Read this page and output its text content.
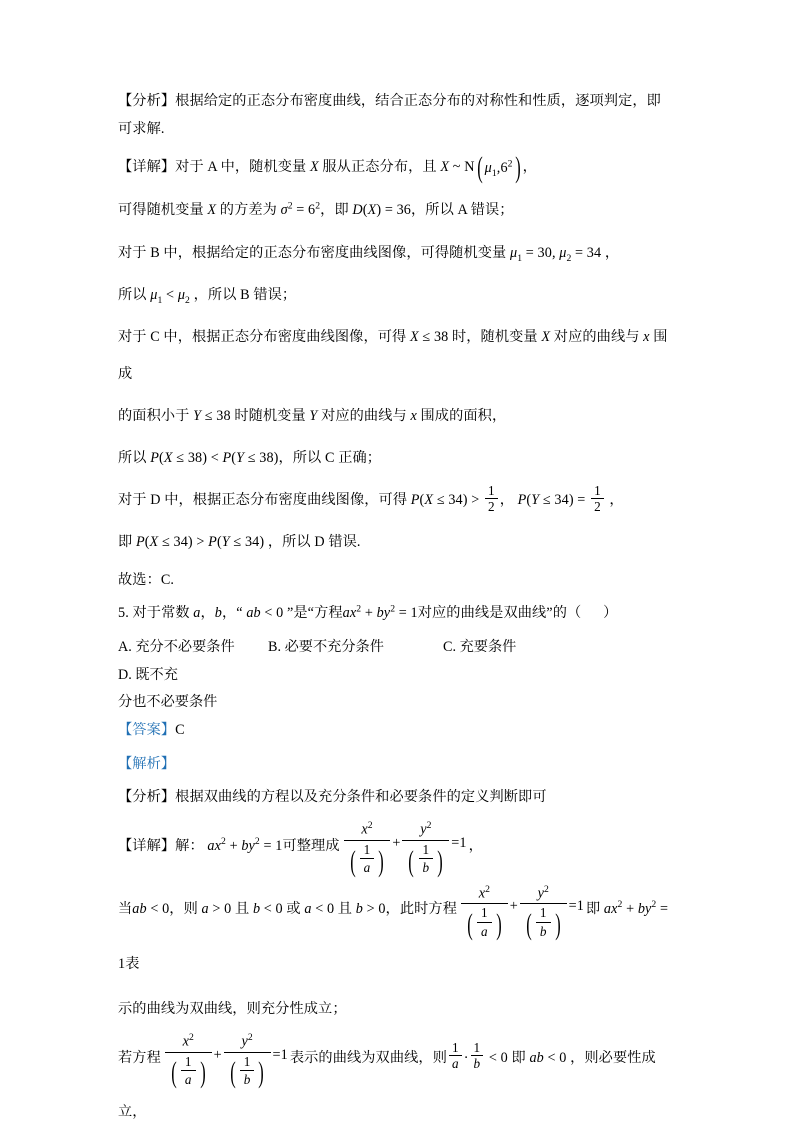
【分析】根据给定的正态分布密度曲线，结合正态分布的对称性和性质，逐项判定，即可求解.

【详解】对于 A 中，随机变量 X 服从正态分布，且 X ~ N( $\mu_1,6^2$) ，

可得随机变量 X 的方差为 $\sigma^2 = 6^2$，即 D(X) = 36，所以 A 错误；

对于 B 中，根据给定的正态分布密度曲线图像，可得随机变量 $\mu_1 = 30$, $\mu_2 = 34$ ，

所以 $\mu_1 < \mu_2$ ，所以 B 错误；

对于 C 中，根据正态分布密度曲线图像，可得 X ≤ 38 时，随机变量 X 对应的曲线与 x 围成

的面积小于 Y ≤ 38 时随机变量 Y 对应的曲线与 x 围成的面积，

所以 P(X ≤ 38) < P(Y ≤ 38)，所以 C 正确；

对于 D 中，根据正态分布密度曲线图像，可得 $P(X \le 34) > \frac{1}{2}$ ， $P(Y \le 34) = \frac{1}{2}$ ，

即 P(X ≤ 34) > P(Y ≤ 34) ，所以 D 错误.

故选：C.

5. 对于常数 a，b，“ ab < 0 ”是“方程$ax^2 + by^2 = 1$对应的曲线是双曲线”的（      ）

A. 充分不必要条件 B. 必要不充分条件	C. 充要条件D. 既不充
分也不必要条件

【答案】C

【解析】

【分析】根据双曲线的方程以及充分条件和必要条件的定义判断即可

【详解】解： $ax^2 + by^2 = 1$可整理成 $\frac{x^2}{( \frac{1}{a} )} + \frac{y^2}{( \frac{1}{b} )} =1$ ，

当ab < 0，则 a > 0 且 b < 0 或 a < 0 且 b > 0，此时方程 $\frac{x^2}{( \frac{1}{a} )} + \frac{y^2}{( \frac{1}{b} )} =1$ 即 $ax^2 + by^2 = 1$表

示的曲线为双曲线，则充分性成立；

若方程 $\frac{x^2}{( \frac{1}{a} )} + \frac{y^2}{( \frac{1}{b} )} =1$ 表示的曲线为双曲线，则 $\frac{1}{a} \cdot \frac{1}{b} < 0$ 即 ab < 0 ，则必要性成立，
